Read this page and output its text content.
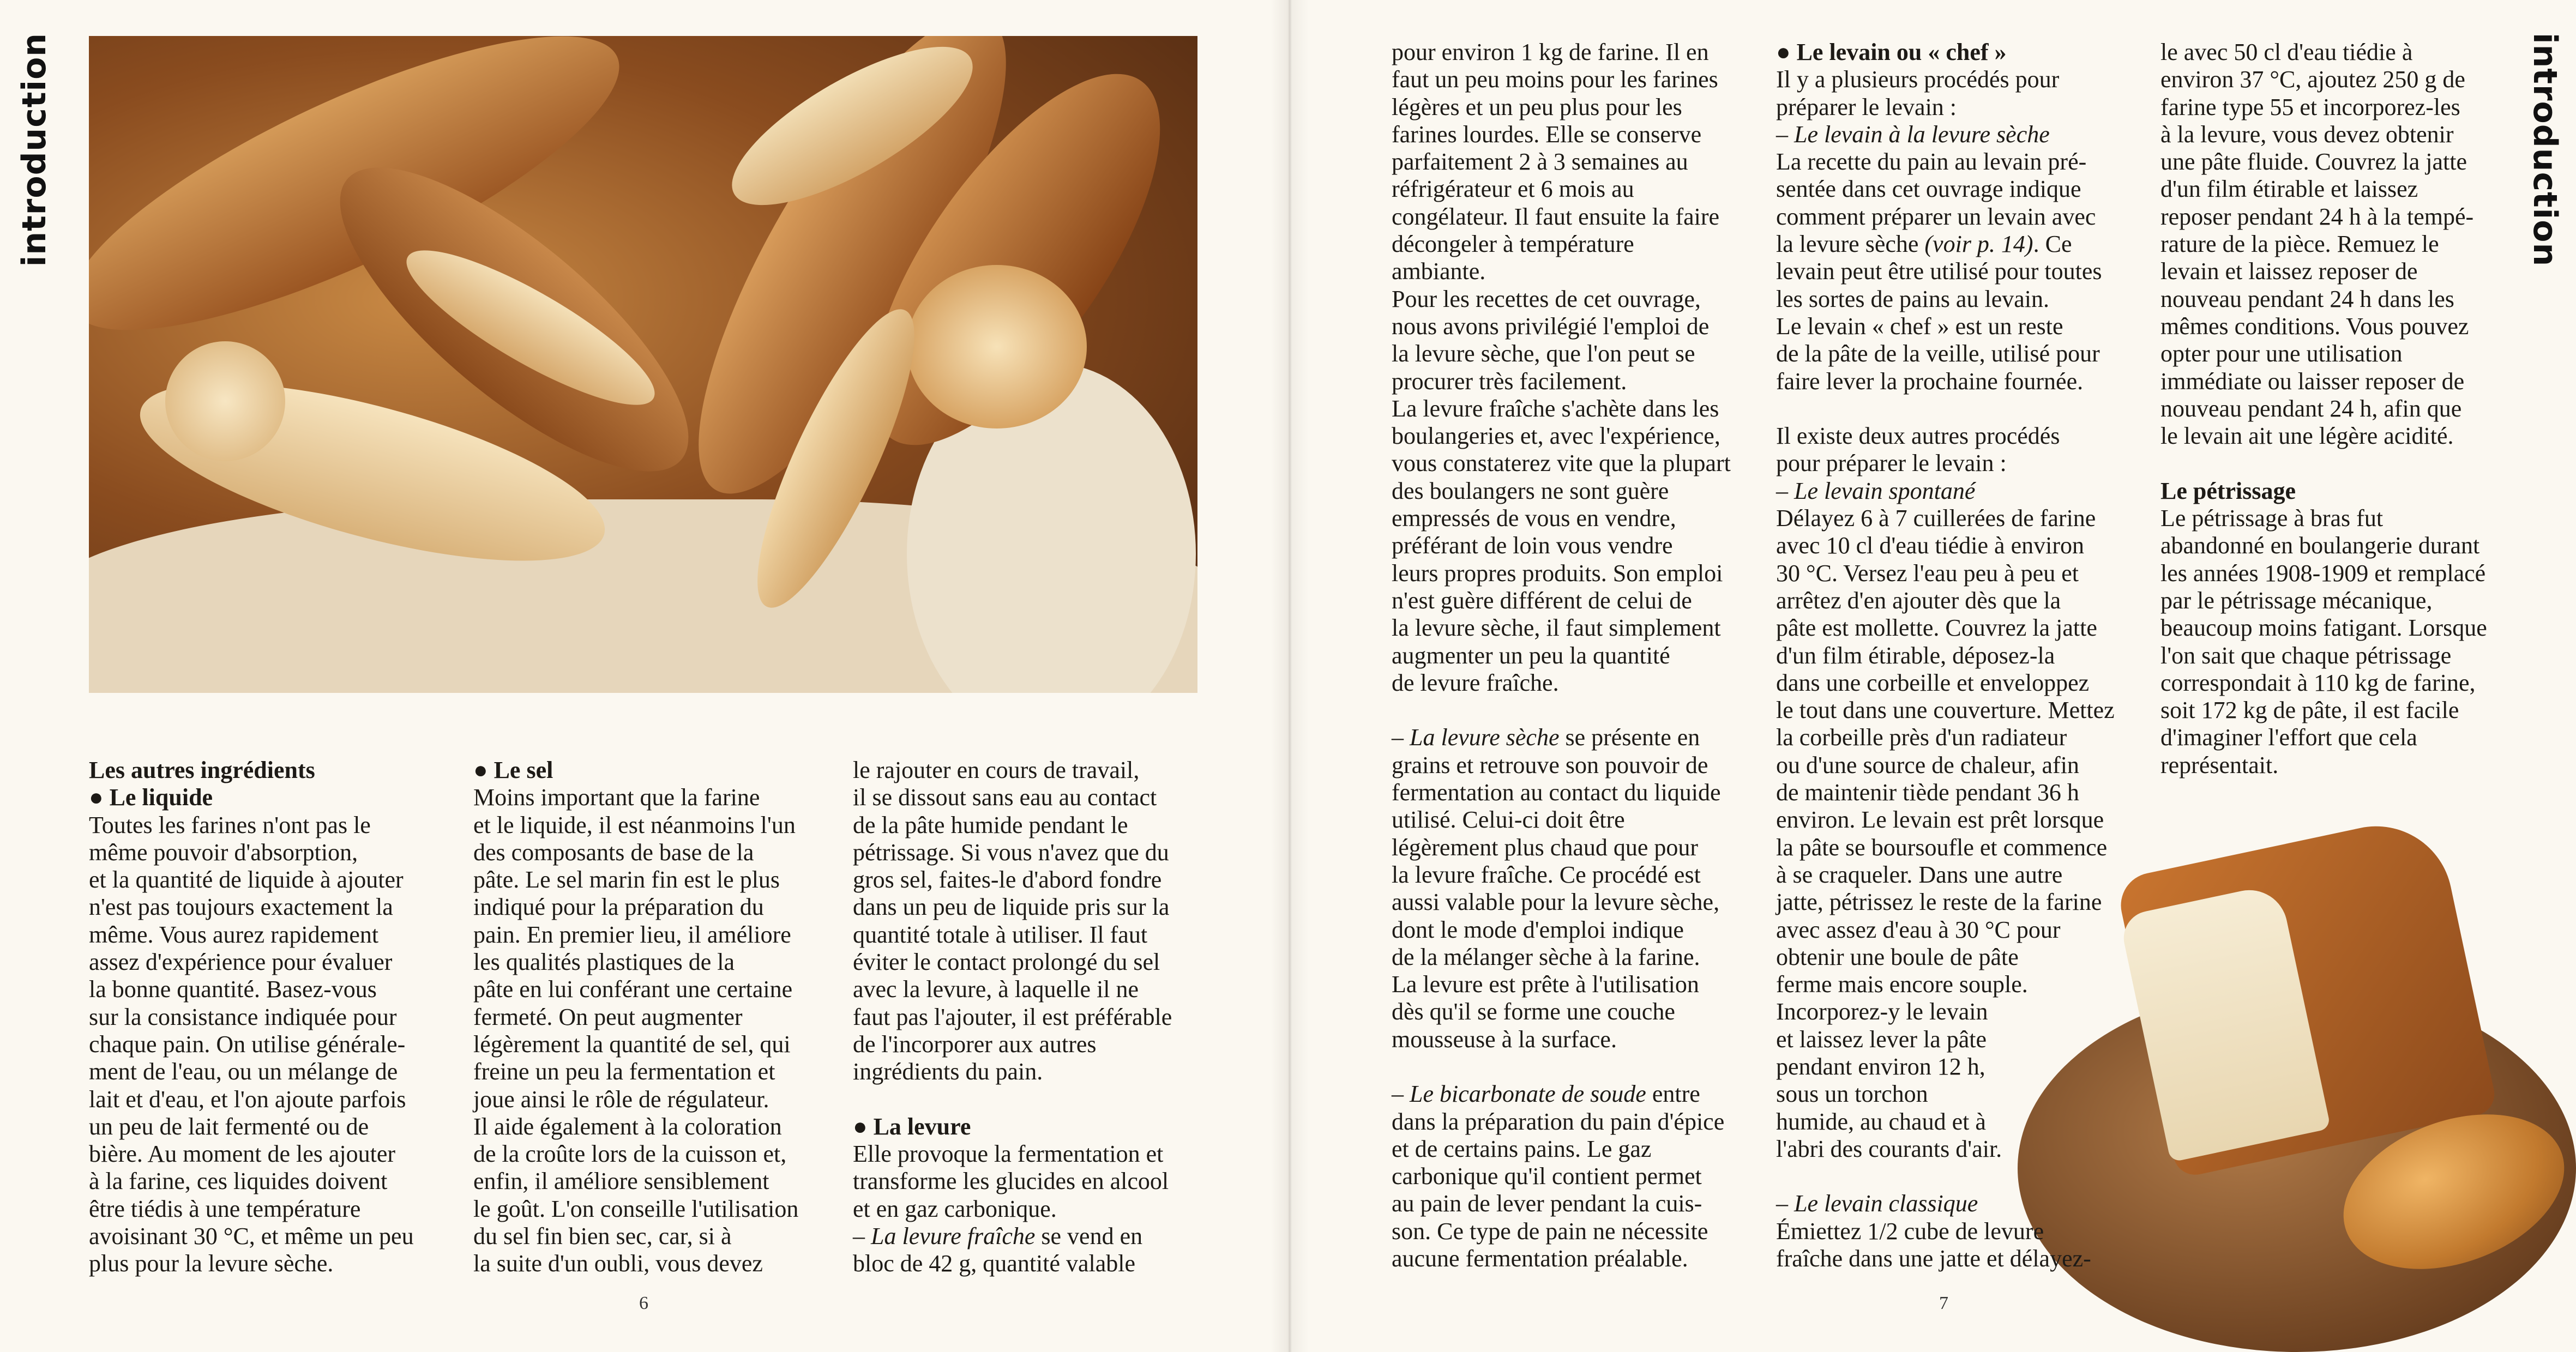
introduction	introduction
Les autres ingrédients
● Le liquide
Toutes les farines n'ont pas le
même pouvoir d'absorption,
et la quantité de liquide à ajouter
n'est pas toujours exactement la
même. Vous aurez rapidement
assez d'expérience pour évaluer
la bonne quantité. Basez-vous
sur la consistance indiquée pour
chaque pain. On utilise générale-
ment de l'eau, ou un mélange de
lait et d'eau, et l'on ajoute parfois
un peu de lait fermenté ou de
bière. Au moment de les ajouter
à la farine, ces liquides doivent
être tiédis à une température
avoisinant 30 °C, et même un peu
plus pour la levure sèche.
● Le sel
Moins important que la farine
et le liquide, il est néanmoins l'un
des composants de base de la
pâte. Le sel marin fin est le plus
indiqué pour la préparation du
pain. En premier lieu, il améliore
les qualités plastiques de la
pâte en lui conférant une certaine
fermeté. On peut augmenter
légèrement la quantité de sel, qui
freine un peu la fermentation et
joue ainsi le rôle de régulateur.
Il aide également à la coloration
de la croûte lors de la cuisson et,
enfin, il améliore sensiblement
le goût. L'on conseille l'utilisation
du sel fin bien sec, car, si à
la suite d'un oubli, vous devez
le rajouter en cours de travail,
il se dissout sans eau au contact
de la pâte humide pendant le
pétrissage. Si vous n'avez que du
gros sel, faites-le d'abord fondre
dans un peu de liquide pris sur la
quantité totale à utiliser. Il faut
éviter le contact prolongé du sel
avec la levure, à laquelle il ne
faut pas l'ajouter, il est préférable
de l'incorporer aux autres
ingrédients du pain.
● La levure
Elle provoque la fermentation et
transforme les glucides en alcool
et en gaz carbonique.
– La levure fraîche se vend en
bloc de 42 g, quantité valable
pour environ 1 kg de farine. Il en
faut un peu moins pour les farines
légères et un peu plus pour les
farines lourdes. Elle se conserve
parfaitement 2 à 3 semaines au
réfrigérateur et 6 mois au
congélateur. Il faut ensuite la faire
décongeler à température
ambiante.
Pour les recettes de cet ouvrage,
nous avons privilégié l'emploi de
la levure sèche, que l'on peut se
procurer très facilement.
La levure fraîche s'achète dans les
boulangeries et, avec l'expérience,
vous constaterez vite que la plupart
des boulangers ne sont guère
empressés de vous en vendre,
préférant de loin vous vendre
leurs propres produits. Son emploi
n'est guère différent de celui de
la levure sèche, il faut simplement
augmenter un peu la quantité
de levure fraîche.
– La levure sèche se présente en
grains et retrouve son pouvoir de
fermentation au contact du liquide
utilisé. Celui-ci doit être
légèrement plus chaud que pour
la levure fraîche. Ce procédé est
aussi valable pour la levure sèche,
dont le mode d'emploi indique
de la mélanger sèche à la farine.
La levure est prête à l'utilisation
dès qu'il se forme une couche
mousseuse à la surface.
– Le bicarbonate de soude entre
dans la préparation du pain d'épice
et de certains pains. Le gaz
carbonique qu'il contient permet
au pain de lever pendant la cuis-
son. Ce type de pain ne nécessite
aucune fermentation préalable.
● Le levain ou « chef »
Il y a plusieurs procédés pour
préparer le levain :
– Le levain à la levure sèche
La recette du pain au levain pré-
sentée dans cet ouvrage indique
comment préparer un levain avec
la levure sèche (voir p. 14). Ce
levain peut être utilisé pour toutes
les sortes de pains au levain.
Le levain « chef » est un reste
de la pâte de la veille, utilisé pour
faire lever la prochaine fournée.
Il existe deux autres procédés
pour préparer le levain :
– Le levain spontané
Délayez 6 à 7 cuillerées de farine
avec 10 cl d'eau tiédie à environ
30 °C. Versez l'eau peu à peu et
arrêtez d'en ajouter dès que la
pâte est mollette. Couvrez la jatte
d'un film étirable, déposez-la
dans une corbeille et enveloppez
le tout dans une couverture. Mettez
la corbeille près d'un radiateur
ou d'une source de chaleur, afin
de maintenir tiède pendant 36 h
environ. Le levain est prêt lorsque
la pâte se boursoufle et commence
à se craqueler. Dans une autre
jatte, pétrissez le reste de la farine
avec assez d'eau à 30 °C pour
obtenir une boule de pâte
ferme mais encore souple.
Incorporez-y le levain
et laissez lever la pâte
pendant environ 12 h,
sous un torchon
humide, au chaud et à
l'abri des courants d'air.
– Le levain classique
Émiettez 1/2 cube de levure
fraîche dans une jatte et délayez-
le avec 50 cl d'eau tiédie à
environ 37 °C, ajoutez 250 g de
farine type 55 et incorporez-les
à la levure, vous devez obtenir
une pâte fluide. Couvrez la jatte
d'un film étirable et laissez
reposer pendant 24 h à la tempé-
rature de la pièce. Remuez le
levain et laissez reposer de
nouveau pendant 24 h dans les
mêmes conditions. Vous pouvez
opter pour une utilisation
immédiate ou laisser reposer de
nouveau pendant 24 h, afin que
le levain ait une légère acidité.
Le pétrissage
Le pétrissage à bras fut
abandonné en boulangerie durant
les années 1908-1909 et remplacé
par le pétrissage mécanique,
beaucoup moins fatigant. Lorsque
l'on sait que chaque pétrissage
correspondait à 110 kg de farine,
soit 172 kg de pâte, il est facile
d'imaginer l'effort que cela
représentait.
6	7
